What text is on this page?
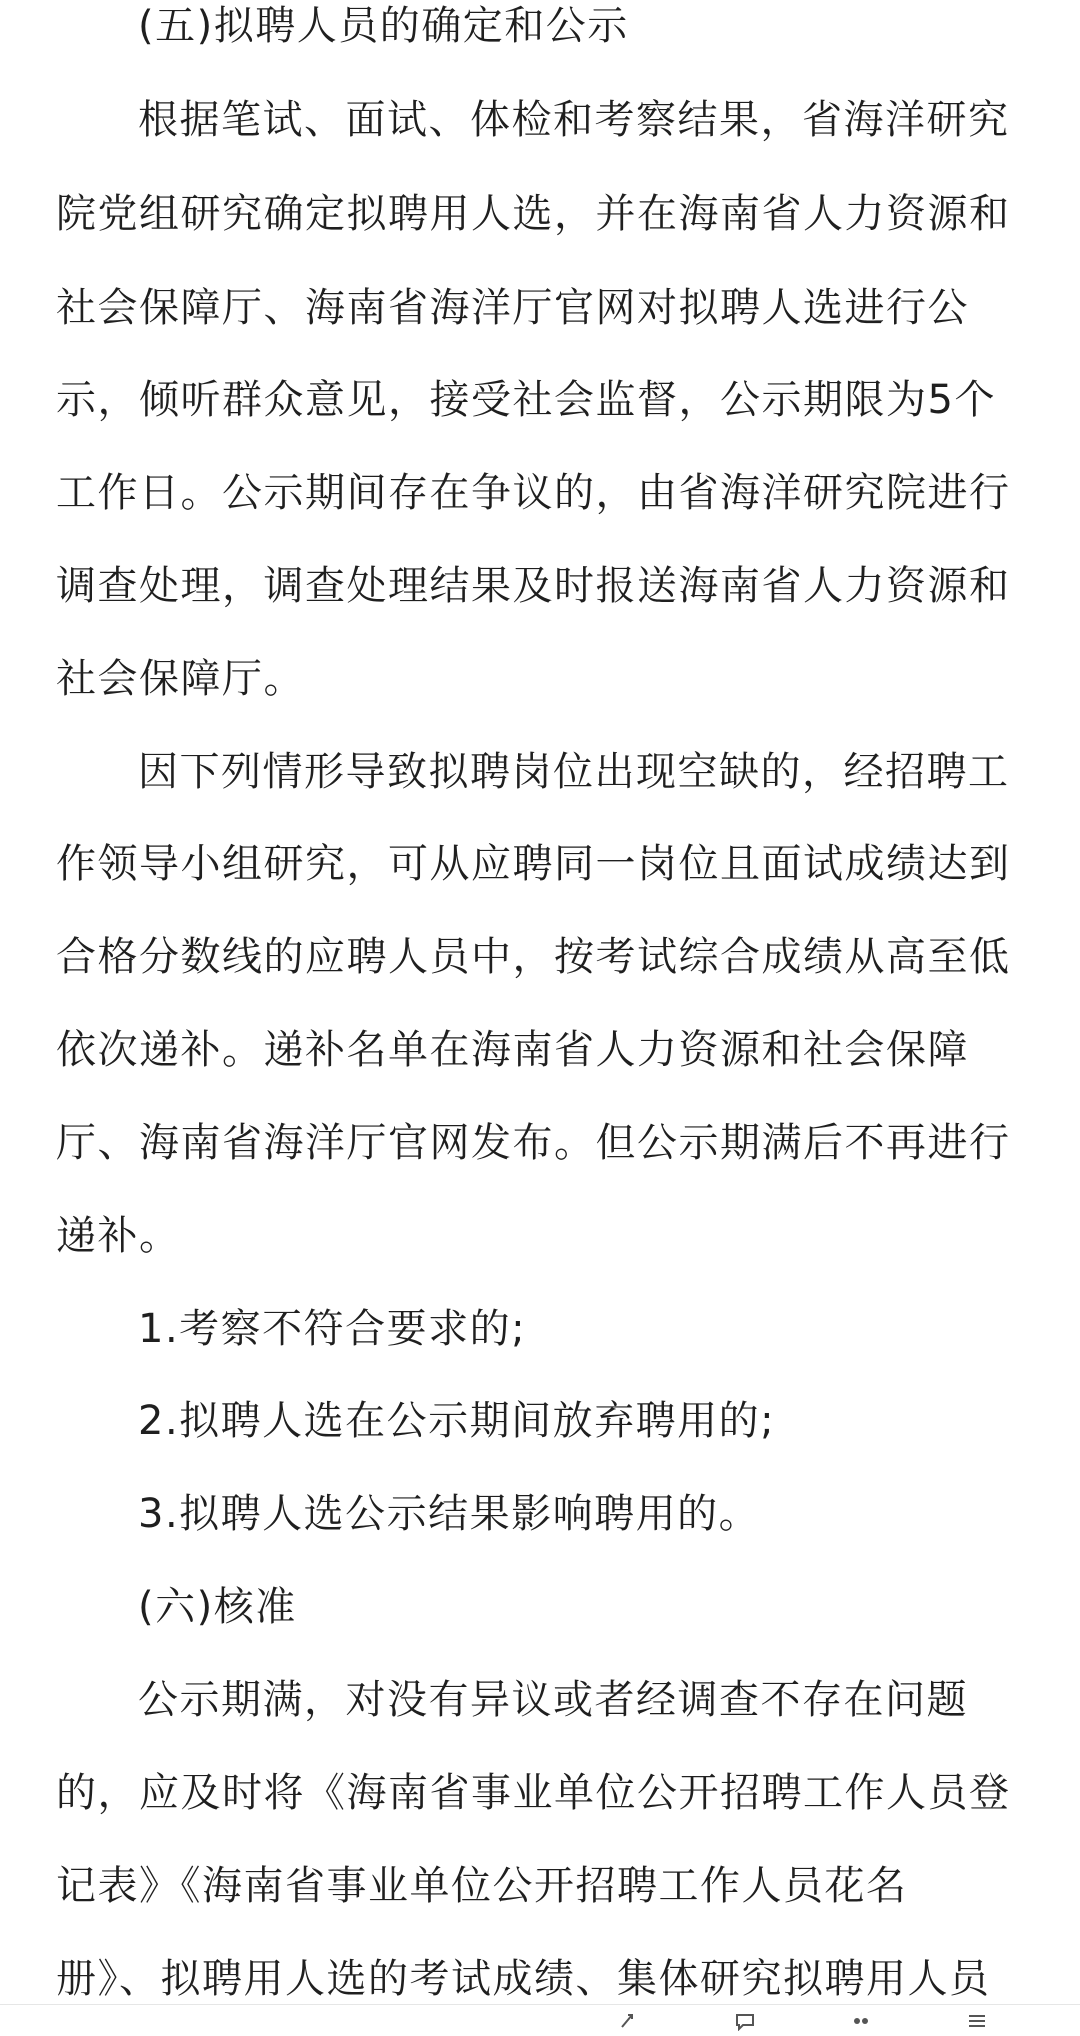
(五)拟聘人员的确定和公示
根据笔试、面试、体检和考察结果，省海洋研究
院党组研究确定拟聘用人选，并在海南省人力资源和
社会保障厅、海南省海洋厅官网对拟聘人选进行公
示，倾听群众意见，接受社会监督，公示期限为5个
工作日。公示期间存在争议的，由省海洋研究院进行
调查处理，调查处理结果及时报送海南省人力资源和
社会保障厅。
因下列情形导致拟聘岗位出现空缺的，经招聘工
作领导小组研究，可从应聘同一岗位且面试成绩达到
合格分数线的应聘人员中，按考试综合成绩从高至低
依次递补。递补名单在海南省人力资源和社会保障
厅、海南省海洋厅官网发布。但公示期满后不再进行
递补。
1.考察不符合要求的;
2.拟聘人选在公示期间放弃聘用的;
3.拟聘人选公示结果影响聘用的。
(六)核准
公示期满，对没有异议或者经调查不存在问题
的，应及时将《海南省事业单位公开招聘工作人员登
记表》《海南省事业单位公开招聘工作人员花名
册》、拟聘用人选的考试成绩、集体研究拟聘用人员
